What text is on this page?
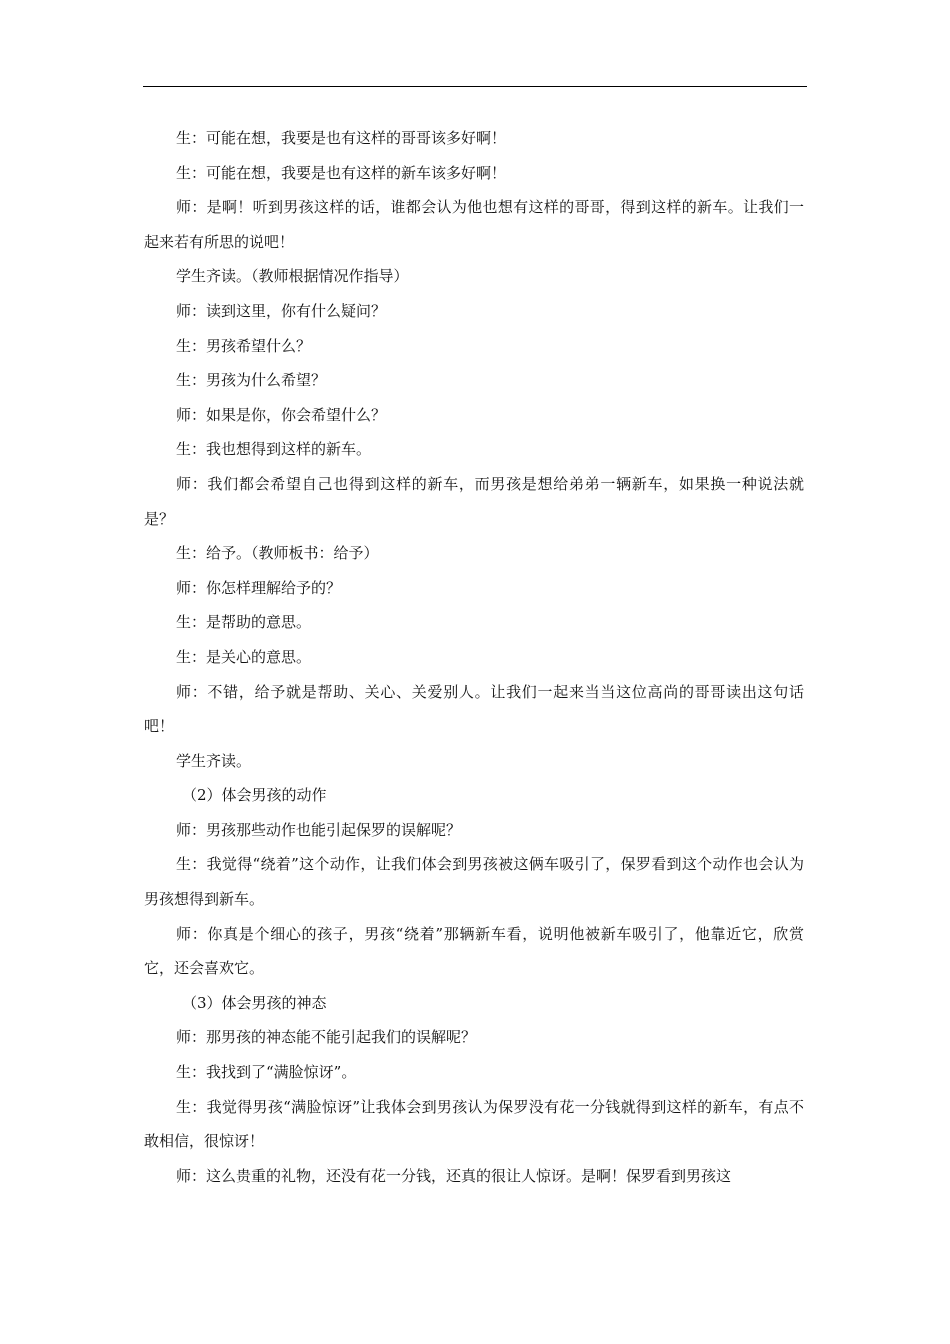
生：可能在想，我要是也有这样的哥哥该多好啊！

生：可能在想，我要是也有这样的新车该多好啊！

师：是啊！听到男孩这样的话，谁都会认为他也想有这样的哥哥，得到这样的新车。让我们一起来若有所思的说吧！

学生齐读。（教师根据情况作指导）

师：读到这里，你有什么疑问？

生：男孩希望什么？

生：男孩为什么希望？

师：如果是你，你会希望什么？

生：我也想得到这样的新车。

师：我们都会希望自己也得到这样的新车，而男孩是想给弟弟一辆新车，如果换一种说法就是？

生：给予。（教师板书：给予）

师：你怎样理解给予的？

生：是帮助的意思。

生：是关心的意思。

师：不错，给予就是帮助、关心、关爱别人。让我们一起来当当这位高尚的哥哥读出这句话吧！

学生齐读。

（2）体会男孩的动作

师：男孩那些动作也能引起保罗的误解呢？

生：我觉得“绕着”这个动作，让我们体会到男孩被这俩车吸引了，保罗看到这个动作也会认为男孩想得到新车。

师：你真是个细心的孩子，男孩“绕着”那辆新车看，说明他被新车吸引了，他靠近它，欣赏它，还会喜欢它。

（3）体会男孩的神态

师：那男孩的神态能不能引起我们的误解呢？

生：我找到了“满脸惊讶”。

生：我觉得男孩“满脸惊讶”让我体会到男孩认为保罗没有花一分钱就得到这样的新车，有点不敢相信，很惊讶！

师：这么贵重的礼物，还没有花一分钱，还真的很让人惊讶。是啊！保罗看到男孩这
